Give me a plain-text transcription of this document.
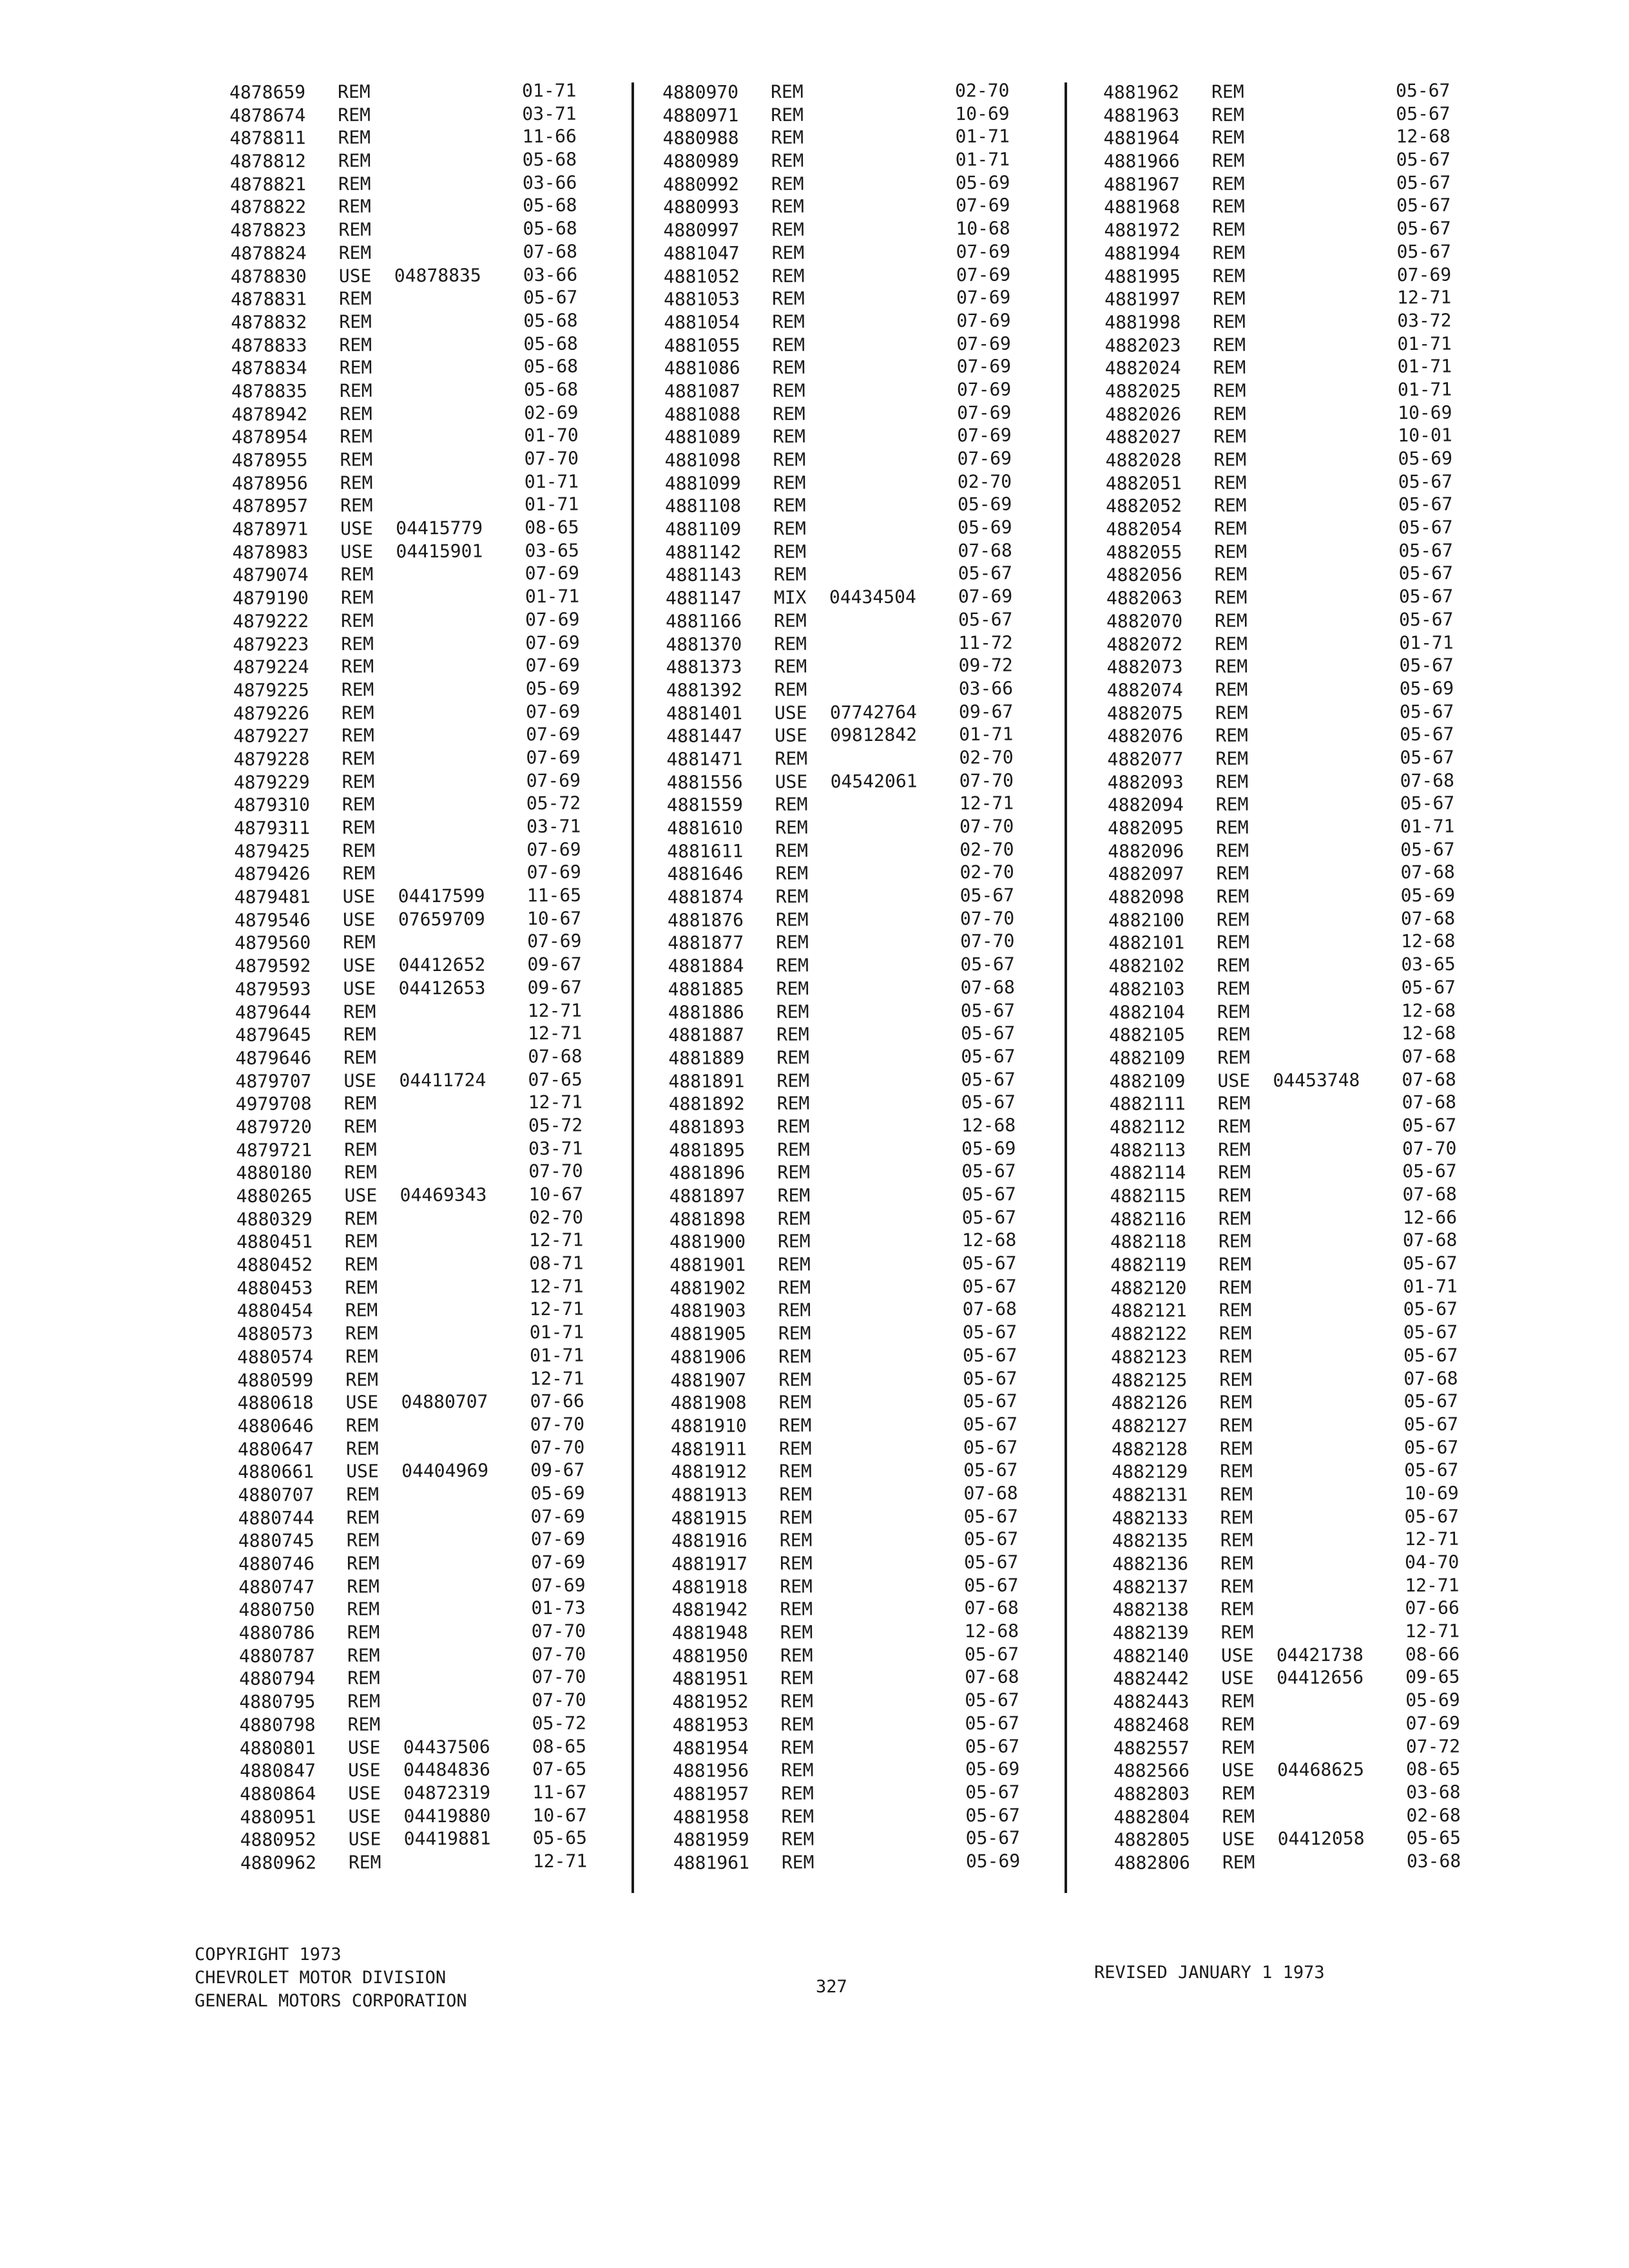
4878659 REM	01-71
4878674 REM	03-71
4878811 REM	11-66
4878812 REM	05-68
4878821 REM	03-66
4878822 REM	05-68
4878823 REM	05-68
4878824 REM	07-68
4878830 USE 04878835 03-66
4878831 REM	05-67
4878832 REM	05-68
4878833 REM	05-68
4878834 REM	05-68
4878835 REM	05-68
4878942 REM	02-69
4878954 REM	01-70
4878955 REM	07-70
4878956 REM	01-71
4878957 REM	01-71
4878971 USE 04415779 08-65
4878983 USE 04415901 03-65
4879074 REM	07-69
4879190 REM	01-71
4879222 REM	07-69
4879223 REM	07-69
4879224 REM	07-69
4879225 REM	05-69
4879226 REM	07-69
4879227 REM	07-69
4879228 REM	07-69
4879229 REM	07-69
4879310 REM	05-72
4879311 REM	03-71
4879425 REM	07-69
4879426 REM	07-69
4879481 USE 04417599 11-65
4879546 USE 07659709 10-67
4879560 REM	07-69
4879592 USE 04412652 09-67
4879593 USE 04412653 09-67
4879644 REM	12-71
4879645 REM	12-71
4879646 REM	07-68
4879707 USE 04411724 07-65
4979708 REM	12-71
4879720 REM	05-72
4879721 REM	03-71
4880180 REM	07-70
4880265 USE 04469343 10-67
4880329 REM	02-70
4880451 REM	12-71
4880452 REM	08-71
4880453 REM	12-71
4880454 REM	12-71
4880573 REM	01-71
4880574 REM	01-71
4880599 REM	12-71
4880618 USE 04880707 07-66
4880646 REM	07-70
4880647 REM	07-70
4880661 USE 04404969 09-67
4880707 REM	05-69
4880744 REM	07-69
4880745 REM	07-69
4880746 REM	07-69
4880747 REM	07-69
4880750 REM	01-73
4880786 REM	07-70
4880787 REM	07-70
4880794 REM	07-70
4880795 REM	07-70
4880798 REM	05-72
4880801 USE 04437506 08-65
4880847 USE 04484836 07-65
4880864 USE 04872319 11-67
4880951 USE 04419880 10-67
4880952 USE 04419881 05-65
4880962 REM	12-71
4880970 REM	02-70
4880971 REM	10-69
4880988 REM	01-71
4880989 REM	01-71
4880992 REM	05-69
4880993 REM	07-69
4880997 REM	10-68
4881047 REM	07-69
4881052 REM	07-69
4881053 REM	07-69
4881054 REM	07-69
4881055 REM	07-69
4881086 REM	07-69
4881087 REM	07-69
4881088 REM	07-69
4881089 REM	07-69
4881098 REM	07-69
4881099 REM	02-70
4881108 REM	05-69
4881109 REM	05-69
4881142 REM	07-68
4881143 REM	05-67
4881147 MIX 04434504 07-69
4881166 REM	05-67
4881370 REM	11-72
4881373 REM	09-72
4881392 REM	03-66
4881401 USE 07742764 09-67
4881447 USE 09812842 01-71
4881471 REM	02-70
4881556 USE 04542061 07-70
4881559 REM	12-71
4881610 REM	07-70
4881611 REM	02-70
4881646 REM	02-70
4881874 REM	05-67
4881876 REM	07-70
4881877 REM	07-70
4881884 REM	05-67
4881885 REM	07-68
4881886 REM	05-67
4881887 REM	05-67
4881889 REM	05-67
4881891 REM	05-67
4881892 REM	05-67
4881893 REM	12-68
4881895 REM	05-69
4881896 REM	05-67
4881897 REM	05-67
4881898 REM	05-67
4881900 REM	12-68
4881901 REM	05-67
4881902 REM	05-67
4881903 REM	07-68
4881905 REM	05-67
4881906 REM	05-67
4881907 REM	05-67
4881908 REM	05-67
4881910 REM	05-67
4881911 REM	05-67
4881912 REM	05-67
4881913 REM	07-68
4881915 REM	05-67
4881916 REM	05-67
4881917 REM	05-67
4881918 REM	05-67
4881942 REM	07-68
4881948 REM	12-68
4881950 REM	05-67
4881951 REM	07-68
4881952 REM	05-67
4881953 REM	05-67
4881954 REM	05-67
4881956 REM	05-69
4881957 REM	05-67
4881958 REM	05-67
4881959 REM	05-67
4881961 REM	05-69
4881962 REM	05-67
4881963 REM	05-67
4881964 REM	12-68
4881966 REM	05-67
4881967 REM	05-67
4881968 REM	05-67
4881972 REM	05-67
4881994 REM	05-67
4881995 REM	07-69
4881997 REM	12-71
4881998 REM	03-72
4882023 REM	01-71
4882024 REM	01-71
4882025 REM	01-71
4882026 REM	10-69
4882027 REM	10-01
4882028 REM	05-69
4882051 REM	05-67
4882052 REM	05-67
4882054 REM	05-67
4882055 REM	05-67
4882056 REM	05-67
4882063 REM	05-67
4882070 REM	05-67
4882072 REM	01-71
4882073 REM	05-67
4882074 REM	05-69
4882075 REM	05-67
4882076 REM	05-67
4882077 REM	05-67
4882093 REM	07-68
4882094 REM	05-67
4882095 REM	01-71
4882096 REM	05-67
4882097 REM	07-68
4882098 REM	05-69
4882100 REM	07-68
4882101 REM	12-68
4882102 REM	03-65
4882103 REM	05-67
4882104 REM	12-68
4882105 REM	12-68
4882109 REM	07-68
4882109 USE 04453748 07-68
4882111 REM	07-68
4882112 REM	05-67
4882113 REM	07-70
4882114 REM	05-67
4882115 REM	07-68
4882116 REM	12-66
4882118 REM	07-68
4882119 REM	05-67
4882120 REM	01-71
4882121 REM	05-67
4882122 REM	05-67
4882123 REM	05-67
4882125 REM	07-68
4882126 REM	05-67
4882127 REM	05-67
4882128 REM	05-67
4882129 REM	05-67
4882131 REM	10-69
4882133 REM	05-67
4882135 REM	12-71
4882136 REM	04-70
4882137 REM	12-71
4882138 REM	07-66
4882139 REM	12-71
4882140 USE 04421738 08-66
4882442 USE 04412656 09-65
4882443 REM	05-69
4882468 REM	07-69
4882557 REM	07-72
4882566 USE 04468625 08-65
4882803 REM	03-68
4882804 REM	02-68
4882805 USE 04412058 05-65
4882806 REM	03-68
COPYRIGHT 1973
CHEVROLET MOTOR DIVISION
GENERAL MOTORS CORPORATION
327
REVISED JANUARY 1 1973
